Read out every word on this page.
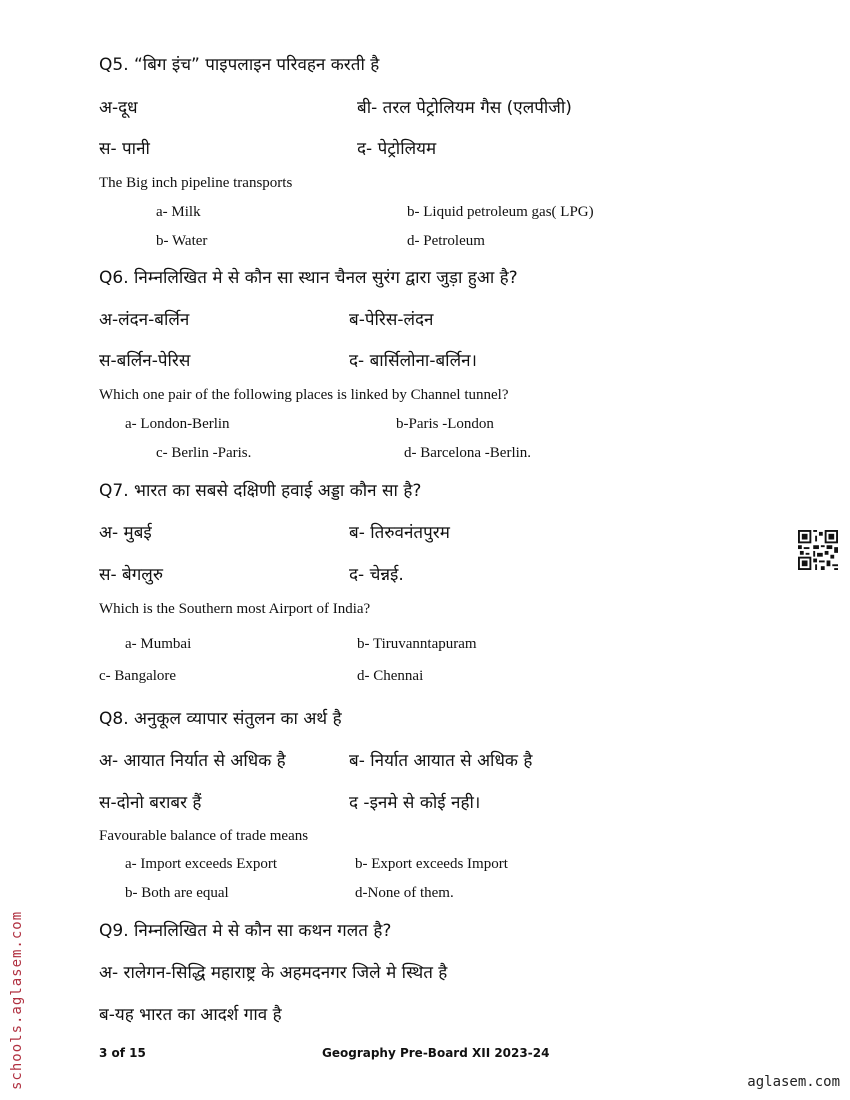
Q5. “बिग इंच” पाइपलाइन परिवहन करती है
अ-दूध	बी- तरल पेट्रोलियम गैस (एलपीजी)
स- पानी	द- पेट्रोलियम
The Big inch pipeline transports
a- Milk	b- Liquid petroleum gas( LPG)
b- Water	d- Petroleum
Q6. निम्नलिखित मे से कौन सा स्थान चैनल सुरंग द्वारा जुड़ा हुआ है?
अ-लंदन-बर्लिन	ब-पेरिस-लंदन
स-बर्लिन-पेरिस	द- बार्सिलोना-बर्लिन।
Which one pair of the following places is linked by Channel tunnel?
a- London-Berlin	b-Paris -London
c- Berlin -Paris.	d- Barcelona -Berlin.
Q7. भारत का सबसे दक्षिणी हवाई अड्डा कौन सा है?
अ- मुबई	ब- तिरुवनंतपुरम
स- बेगलुरु	द- चेन्नई.
Which is the Southern most Airport of India?
a- Mumbai	b- Tiruvanntapuram
c- Bangalore	d- Chennai
Q8. अनुकूल व्यापार संतुलन का अर्थ है
अ- आयात निर्यात से अधिक है	ब- निर्यात आयात से अधिक है
स-दोनो बराबर हैं	द -इनमे से कोई नही।
Favourable balance of trade means
a- Import exceeds Export	b- Export exceeds Import
b- Both are equal	d-None of them.
Q9. निम्नलिखित मे से कौन सा कथन गलत है?
अ- रालेगन-सिद्धि महाराष्ट्र के अहमदनगर जिले मे स्थित है
ब-यह भारत का आदर्श गाव है
3 of 15	Geography Pre-Board XII 2023-24
schools.aglasem.com	aglasem.com
